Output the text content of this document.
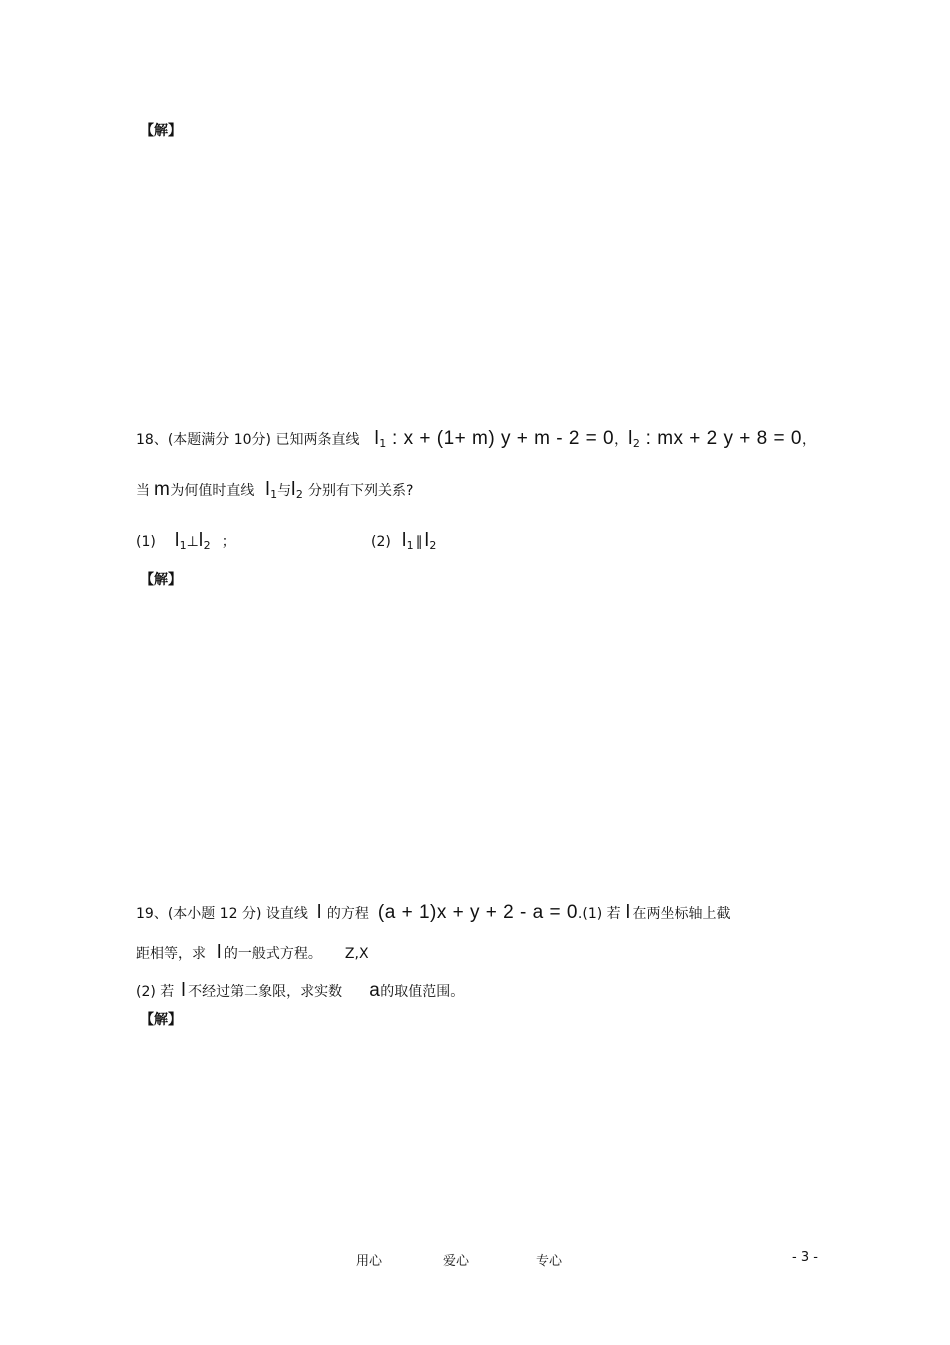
【解】
18、(本题满分 10分) 已知两条直线 $l_1$ : x + (1+ m) y + m - 2 = 0，$l_2$ : mx + 2 y + 8 = 0，
当 m为何值时直线 $l_1$与$l_2$ 分别有下列关系?
(1) $l_1\perp l_2$ ；	(2) $l_1$ ∥ $l_2$
【解】
19、(本小题 12 分) 设直线 l 的方程 (a + 1)x + y + 2 - a = 0.(1) 若 l 在两坐标轴上截
距相等，求 l 的一般式方程。 Z,X
(2) 若 l 不经过第二象限，求实数 a的取值范围。
【解】
用心	爱心	专心	- 3 -
